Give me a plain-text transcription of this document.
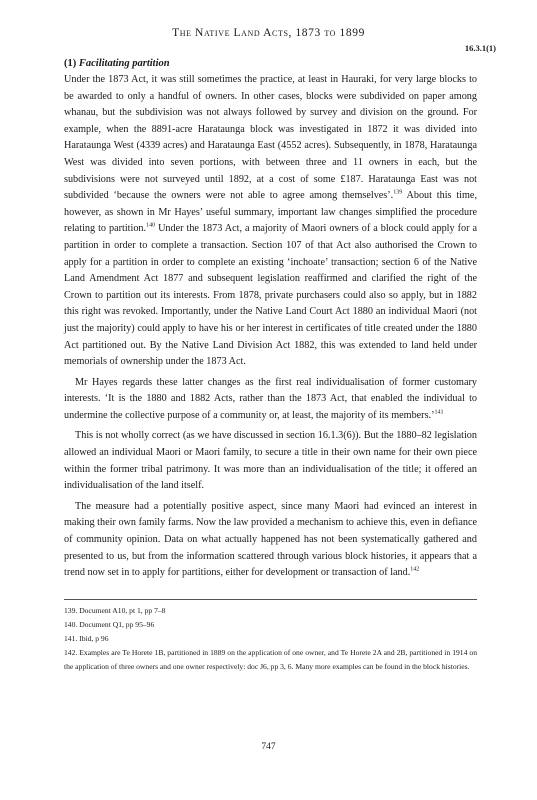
The Native Land Acts, 1873 to 1899
16.3.1(1)
(1) Facilitating partition

Under the 1873 Act, it was still sometimes the practice, at least in Hauraki, for very large blocks to be awarded to only a handful of owners. In other cases, blocks were subdivided on paper among whanau, but the subdivision was not always followed by survey and division on the ground. For example, when the 8891-acre Harataunga block was investigated in 1872 it was divided into Harataunga West (4339 acres) and Harataunga East (4552 acres). Subsequently, in 1878, Harataunga West was divided into seven portions, with between three and 11 owners in each, but the subdivisions were not surveyed until 1892, at a cost of some £187. Harataunga East was not subdivided ‘because the owners were not able to agree among themselves’.$^{139}$ About this time, however, as shown in Mr Hayes’ useful summary, important law changes simplified the procedure relating to partition.$^{140}$ Under the 1873 Act, a majority of Maori owners of a block could apply for a partition in order to complete a transaction. Section 107 of that Act also authorised the Crown to apply for a partition in order to complete an existing ‘inchoate’ transaction; section 6 of the Native Land Amendment Act 1877 and subsequent legislation reaffirmed and clarified the right of the Crown to partition out its interests. From 1878, private purchasers could also so apply, but in 1882 this right was revoked. Importantly, under the Native Land Court Act 1880 an individual Maori (not just the majority) could apply to have his or her interest in certificates of title created under the 1880 Act partitioned out. By the Native Land Division Act 1882, this was extended to land held under memorials of ownership under the 1873 Act.

Mr Hayes regards these latter changes as the first real individualisation of former customary interests. ‘It is the 1880 and 1882 Acts, rather than the 1873 Act, that enabled the individual to undermine the collective purpose of a community or, at least, the majority of its members.’$^{141}$

This is not wholly correct (as we have discussed in section 16.1.3(6)). But the 1880–82 legislation allowed an individual Maori or Maori family, to secure a title in their own name for their own piece within the former tribal patrimony. It was more than an individualisation of the title; it offered an individualisation of the land itself.

The measure had a potentially positive aspect, since many Maori had evinced an interest in making their own family farms. Now the law provided a mechanism to achieve this, even in defiance of community opinion. Data on what actually happened has not been systematically gathered and presented to us, but from the information scattered through various block histories, it appears that a trend now set in to apply for partitions, either for development or transaction of land.$^{142}$

139. Document A10, pt 1, pp 7–8

140. Document Q1, pp 95–96

141. Ibid, p 96

142. Examples are Te Horete 1B, partitioned in 1889 on the application of one owner, and Te Horete 2A and 2B, partitioned in 1914 on the application of three owners and one owner respectively: doc J6, pp 3, 6. Many more examples can be found in the block histories.

747
